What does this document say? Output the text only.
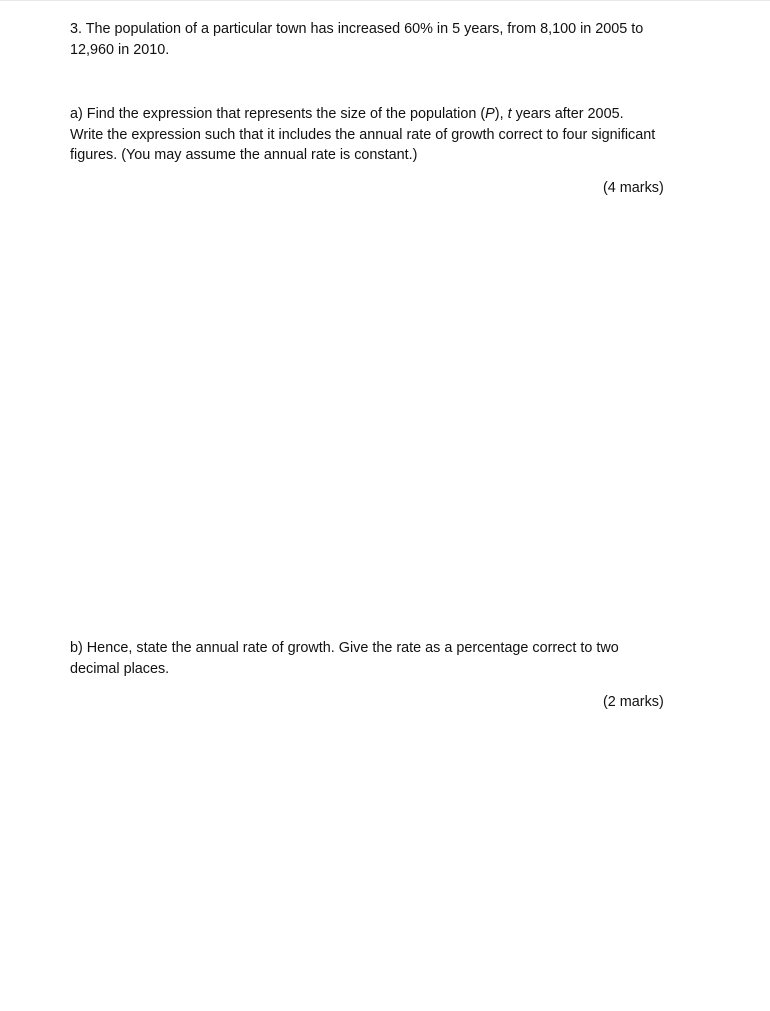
3. The population of a particular town has increased 60% in 5 years, from 8,100 in 2005 to
12,960 in 2010.

a) Find the expression that represents the size of the population (P), t years after 2005.
Write the expression such that it includes the annual rate of growth correct to four significant
figures. (You may assume the annual rate is constant.)

(4 marks)

b) Hence, state the annual rate of growth. Give the rate as a percentage correct to two
decimal places.

(2 marks)
